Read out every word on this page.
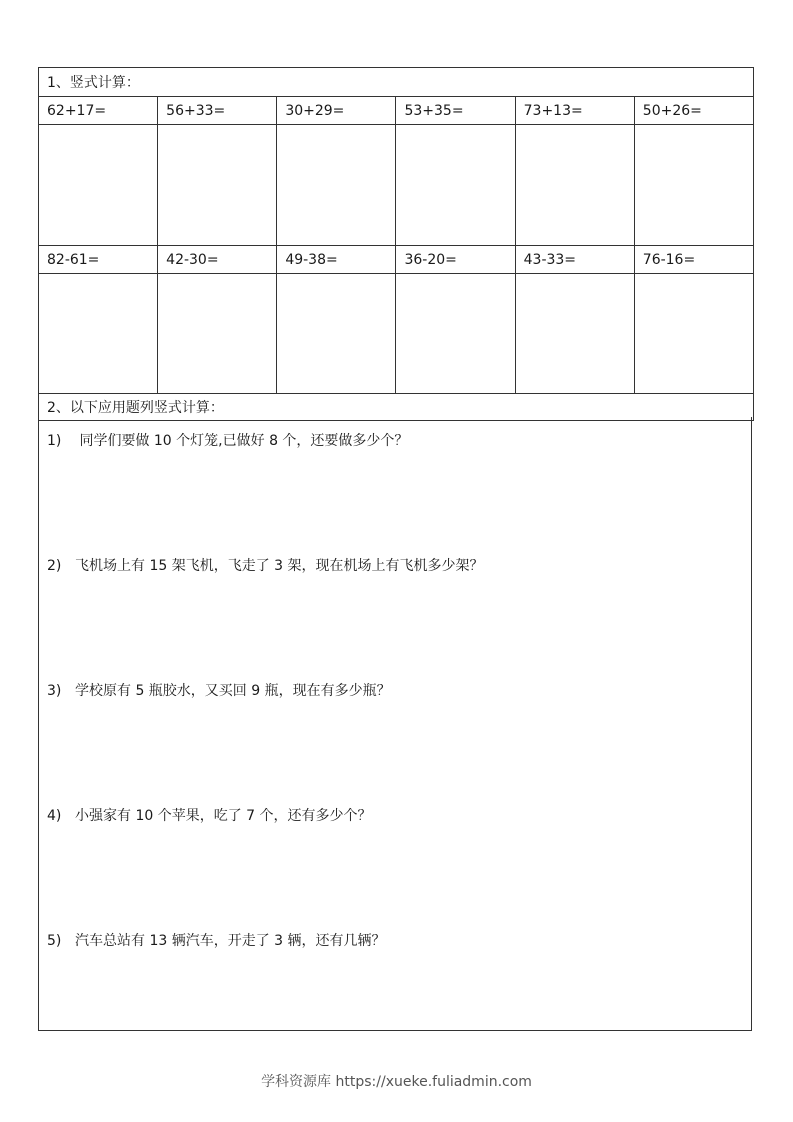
1、竖式计算：					
62+17=	56+33=	30+29=	53+35=	73+13=	50+26=

82-61=	42-30=	49-38=	36-20=	43-33=	76-16=

2、以下应用题列竖式计算：					
1) 同学们要做 10 个灯笼,已做好 8 个，还要做多少个？
2) 飞机场上有 15 架飞机，飞走了 3 架，现在机场上有飞机多少架？
3) 学校原有 5 瓶胶水，又买回 9 瓶，现在有多少瓶？
4) 小强家有 10 个苹果，吃了 7 个，还有多少个？
5) 汽车总站有 13 辆汽车，开走了 3 辆，还有几辆？
学科资源库 https://xueke.fuliadmin.com
